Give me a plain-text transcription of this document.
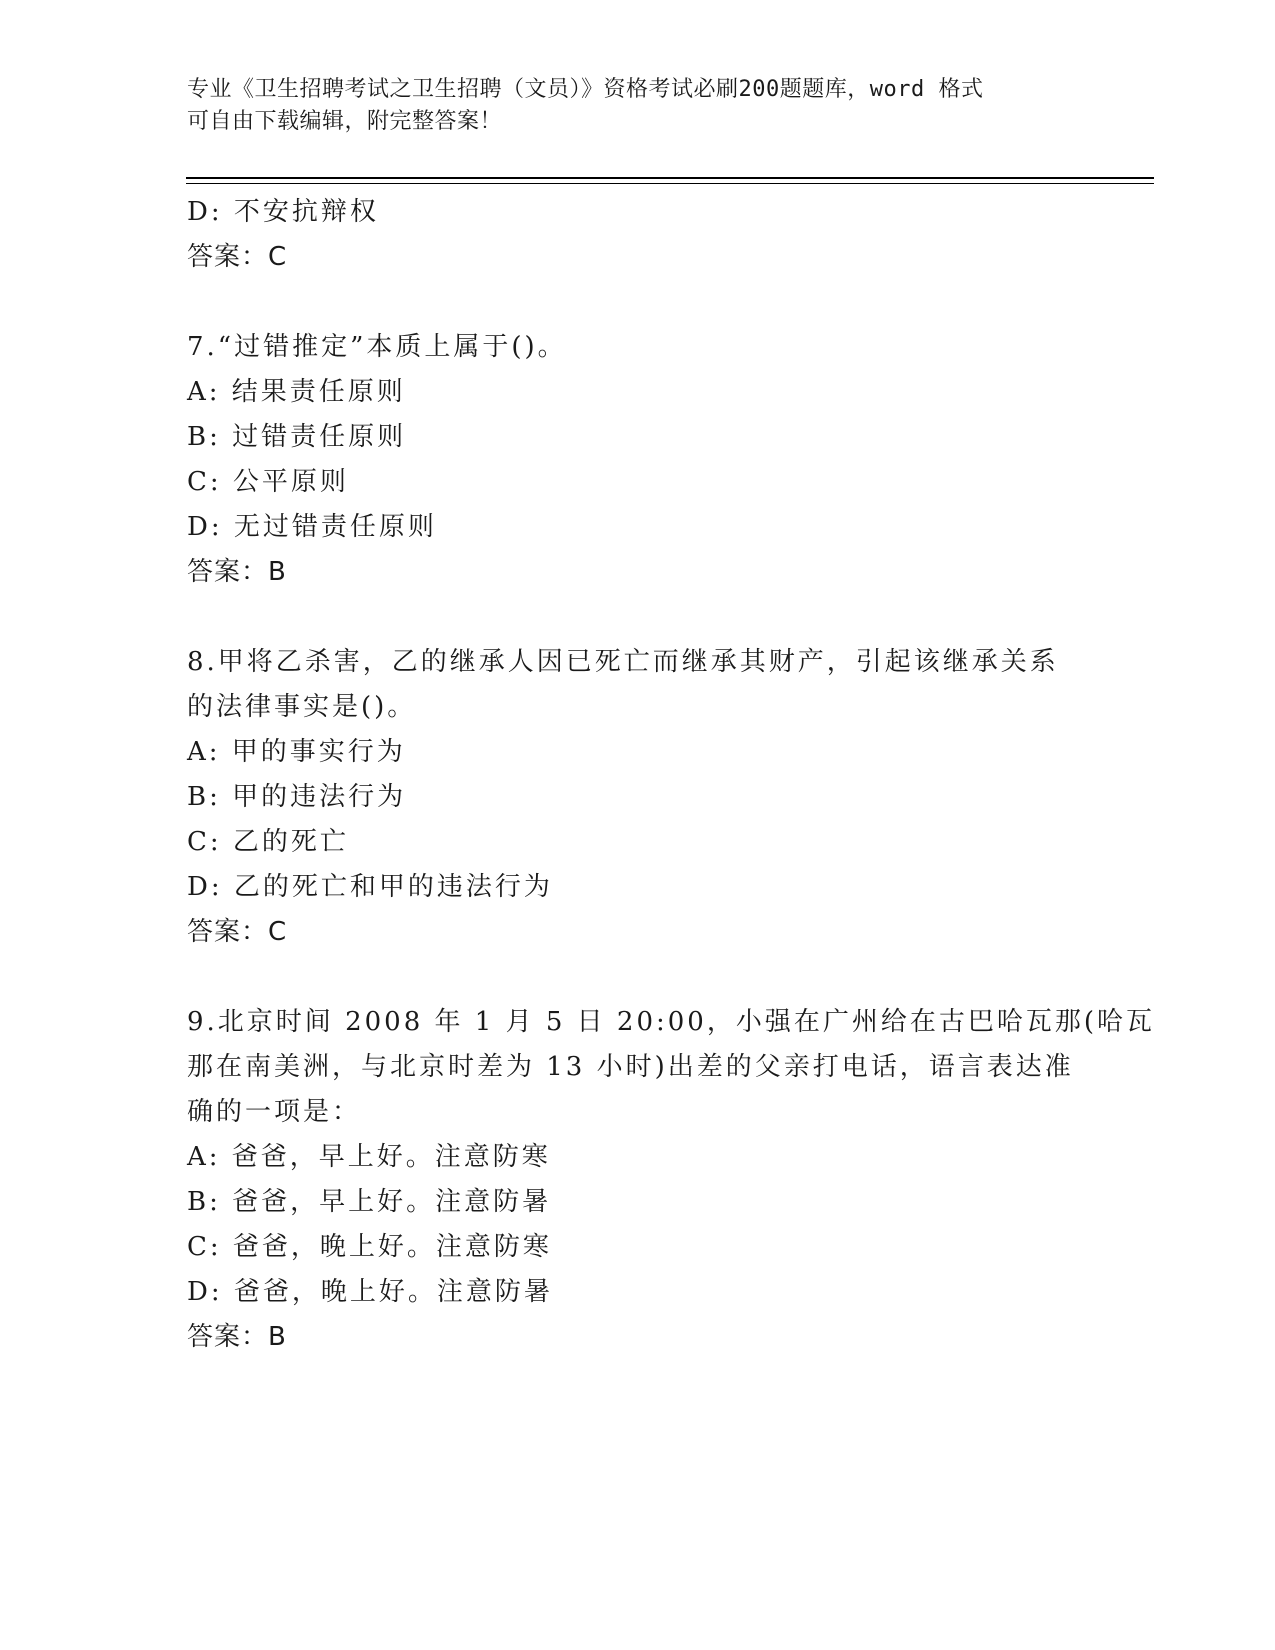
专业《卫生招聘考试之卫生招聘（文员）》资格考试必刷200题题库，word 格式
可自由下载编辑，附完整答案！
D: 不安抗辩权
答案：C
7.“过错推定”本质上属于()。
A: 结果责任原则
B: 过错责任原则
C: 公平原则
D: 无过错责任原则
答案：B
8.甲将乙杀害，乙的继承人因已死亡而继承其财产，引起该继承关系
的法律事实是()。
A: 甲的事实行为
B: 甲的违法行为
C: 乙的死亡
D: 乙的死亡和甲的违法行为
答案：C
9.北京时间 2008 年 1 月 5 日 20:00，小强在广州给在古巴哈瓦那(哈瓦
那在南美洲，与北京时差为 13 小时)出差的父亲打电话，语言表达准
确的一项是：
A: 爸爸，早上好。注意防寒
B: 爸爸，早上好。注意防暑
C: 爸爸，晚上好。注意防寒
D: 爸爸，晚上好。注意防暑
答案：B
